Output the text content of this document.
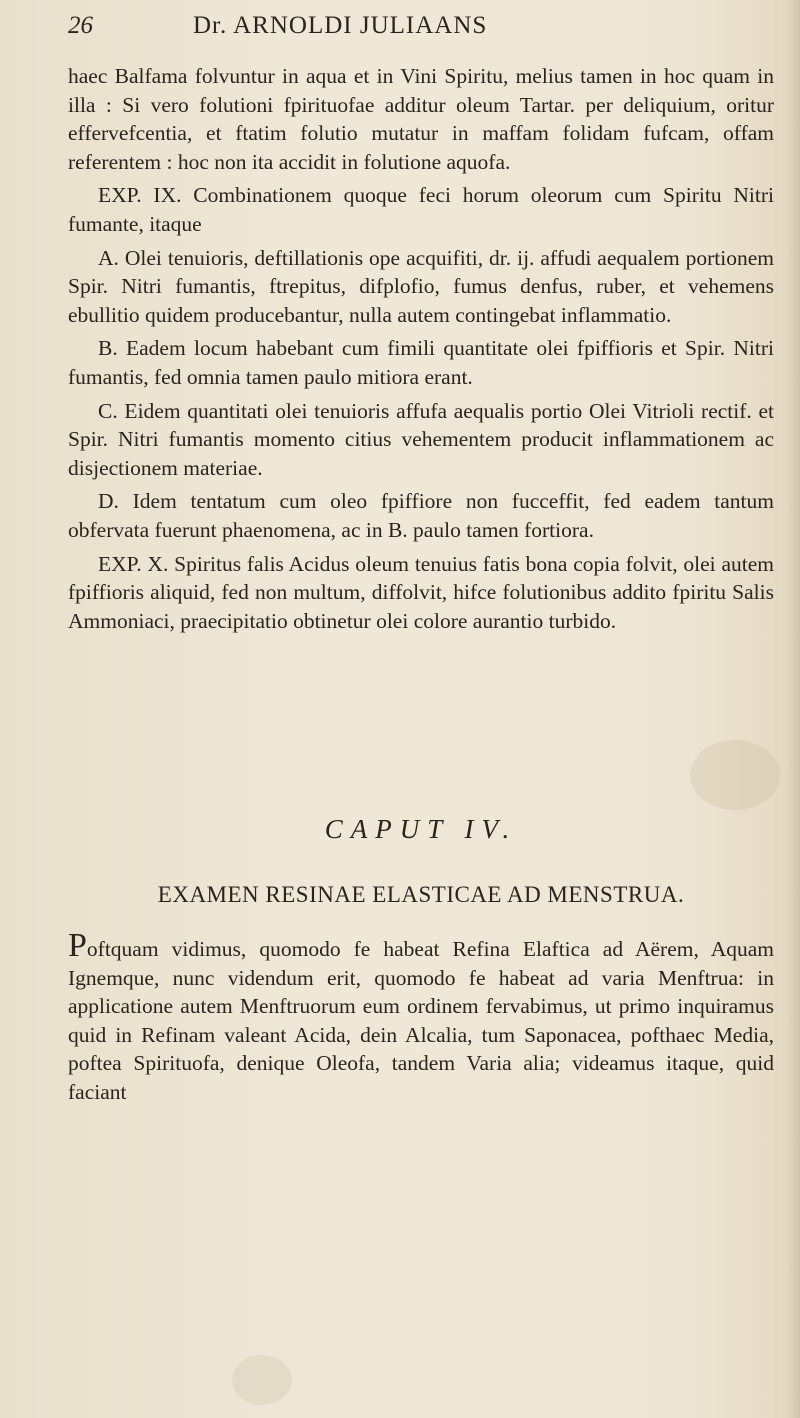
26	Dr. ARNOLDI JULIAANS

haec Balfama folvuntur in aqua et in Vini Spiritu, melius tamen in hoc quam in illa : Si vero folutioni fpirituofae additur oleum Tartar. per deliquium, oritur effervefcentia, et ftatim folutio mutatur in maffam folidam fufcam, offam referentem : hoc non ita accidit in folutione aquofa.

EXP. IX. Combinationem quoque feci horum oleorum cum Spiritu Nitri fumante, itaque

A. Olei tenuioris, deftillationis ope acquifiti, dr. ij. affudi aequalem portionem Spir. Nitri fumantis, ftrepitus, difplofio, fumus denfus, ruber, et vehemens ebullitio quidem producebantur, nulla autem contingebat inflammatio.

B. Eadem locum habebant cum fimili quantitate olei fpiffioris et Spir. Nitri fumantis, fed omnia tamen paulo mitiora erant.

C. Eidem quantitati olei tenuioris affufa aequalis portio Olei Vitrioli rectif. et Spir. Nitri fumantis momento citius vehementem producit inflammationem ac disjectionem materiae.

D. Idem tentatum cum oleo fpiffiore non fucceffit, fed eadem tantum obfervata fuerunt phaenomena, ac in B. paulo tamen fortiora.

EXP. X. Spiritus falis Acidus oleum tenuius fatis bona copia folvit, olei autem fpiffioris aliquid, fed non multum, diffolvit, hifce folutionibus addito fpiritu Salis Ammoniaci, praecipitatio obtinetur olei colore aurantio turbido.

CAPUT IV.
EXAMEN RESINAE ELASTICAE AD MENSTRUA.

Poftquam vidimus, quomodo fe habeat Refina Elaftica ad Aërem, Aquam Ignemque, nunc videndum erit, quomodo fe habeat ad varia Menftrua: in applicatione autem Menftruorum eum ordinem fervabimus, ut primo inquiramus quid in Refinam valeant Acida, dein Alcalia, tum Saponacea, pofthaec Media, poftea Spirituofa, denique Oleofa, tandem Varia alia; videamus itaque, quid faciant
